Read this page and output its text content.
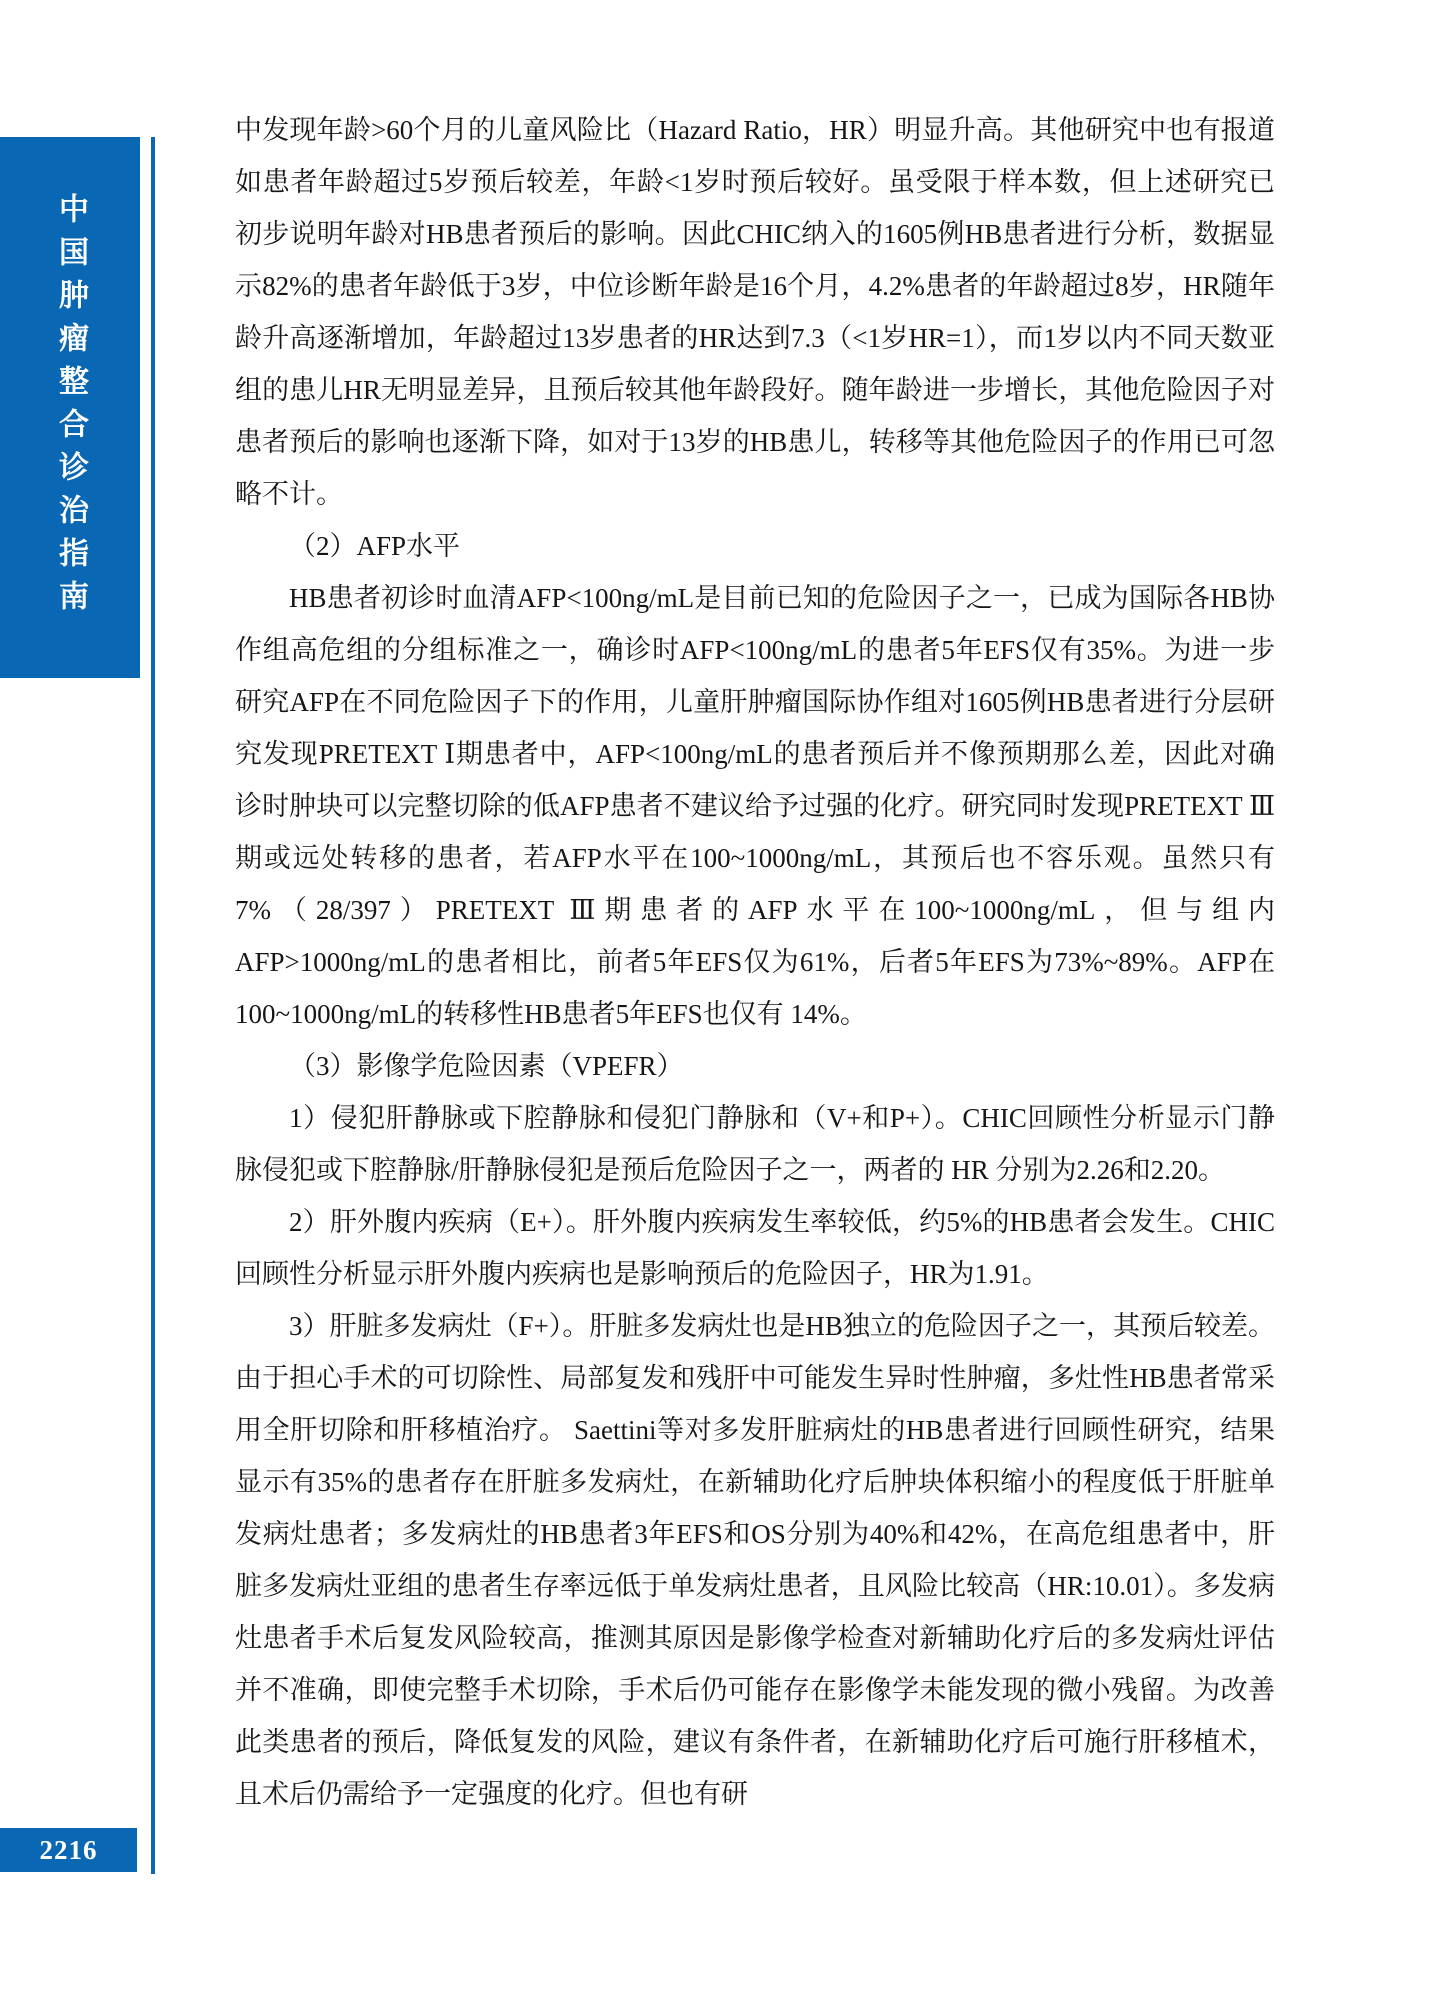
中国肿瘤整合诊治指南
2216

中发现年龄>60个月的儿童风险比（Hazard Ratio，HR）明显升高。其他研究中也有报道如患者年龄超过5岁预后较差，年龄<1岁时预后较好。虽受限于样本数，但上述研究已初步说明年龄对HB患者预后的影响。因此CHIC纳入的1605例HB患者进行分析，数据显示82%的患者年龄低于3岁，中位诊断年龄是16个月，4.2%患者的年龄超过8岁，HR随年龄升高逐渐增加，年龄超过13岁患者的HR达到7.3（<1岁HR=1），而1岁以内不同天数亚组的患儿HR无明显差异，且预后较其他年龄段好。随年龄进一步增长，其他危险因子对患者预后的影响也逐渐下降，如对于13岁的HB患儿，转移等其他危险因子的作用已可忽略不计。

（2）AFP水平

HB患者初诊时血清AFP<100ng/mL是目前已知的危险因子之一，已成为国际各HB协作组高危组的分组标准之一，确诊时AFP<100ng/mL的患者5年EFS仅有35%。为进一步研究AFP在不同危险因子下的作用，儿童肝肿瘤国际协作组对1605例HB患者进行分层研究发现PRETEXT Ⅰ期患者中，AFP<100ng/mL的患者预后并不像预期那么差，因此对确诊时肿块可以完整切除的低AFP患者不建议给予过强的化疗。研究同时发现PRETEXT Ⅲ期或远处转移的患者，若AFP水平在100~1000ng/mL，其预后也不容乐观。虽然只有7%（28/397）PRETEXT Ⅲ期患者的AFP水平在100~1000ng/mL，但与组内AFP>1000ng/mL的患者相比，前者5年EFS仅为61%，后者5年EFS为73%~89%。AFP在100~1000ng/mL的转移性HB患者5年EFS也仅有 14%。

（3）影像学危险因素（VPEFR）

1）侵犯肝静脉或下腔静脉和侵犯门静脉和（V+和P+）。CHIC回顾性分析显示门静脉侵犯或下腔静脉/肝静脉侵犯是预后危险因子之一，两者的 HR 分别为2.26和2.20。

2）肝外腹内疾病（E+）。肝外腹内疾病发生率较低，约5%的HB患者会发生。CHIC回顾性分析显示肝外腹内疾病也是影响预后的危险因子，HR为1.91。

3）肝脏多发病灶（F+）。肝脏多发病灶也是HB独立的危险因子之一，其预后较差。由于担心手术的可切除性、局部复发和残肝中可能发生异时性肿瘤，多灶性HB患者常采用全肝切除和肝移植治疗。 Saettini等对多发肝脏病灶的HB患者进行回顾性研究，结果显示有35%的患者存在肝脏多发病灶，在新辅助化疗后肿块体积缩小的程度低于肝脏单发病灶患者；多发病灶的HB患者3年EFS和OS分别为40%和42%，在高危组患者中，肝脏多发病灶亚组的患者生存率远低于单发病灶患者，且风险比较高（HR:10.01）。多发病灶患者手术后复发风险较高，推测其原因是影像学检查对新辅助化疗后的多发病灶评估并不准确，即使完整手术切除，手术后仍可能存在影像学未能发现的微小残留。为改善此类患者的预后，降低复发的风险，建议有条件者，在新辅助化疗后可施行肝移植术，且术后仍需给予一定强度的化疗。但也有研
